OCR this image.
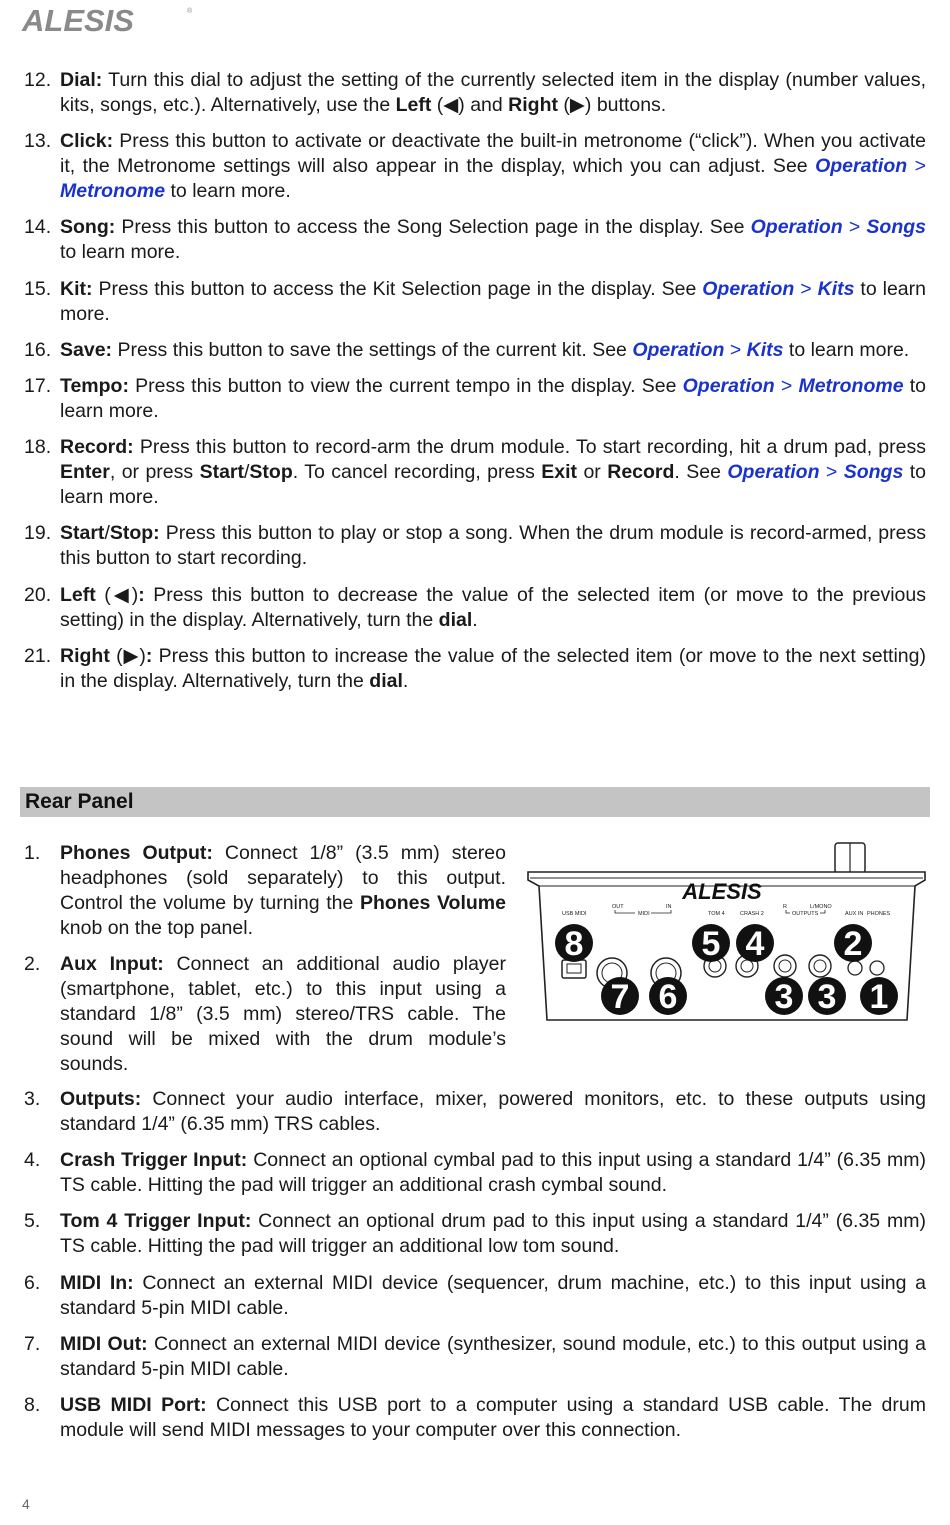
ALESIS	®
12. Dial: Turn this dial to adjust the setting of the currently selected item in the display (number values, kits, songs, etc.). Alternatively, use the Left (◀) and Right (▶) buttons.
13. Click: Press this button to activate or deactivate the built-in metronome (“click”). When you activate it, the Metronome settings will also appear in the display, which you can adjust. See Operation > Metronome to learn more.
14. Song: Press this button to access the Song Selection page in the display. See Operation > Songs to learn more.
15. Kit: Press this button to access the Kit Selection page in the display. See Operation > Kits to learn more.
16. Save: Press this button to save the settings of the current kit. See Operation > Kits to learn more.
17. Tempo: Press this button to view the current tempo in the display. See Operation > Metronome to learn more.
18. Record: Press this button to record-arm the drum module. To start recording, hit a drum pad, press Enter, or press Start/Stop. To cancel recording, press Exit or Record. See Operation > Songs to learn more.
19. Start/Stop: Press this button to play or stop a song. When the drum module is record-armed, press this button to start recording.
20. Left (◀): Press this button to decrease the value of the selected item (or move to the previous setting) in the display. Alternatively, turn the dial.
21. Right (▶): Press this button to increase the value of the selected item (or move to the next setting) in the display. Alternatively, turn the dial.
Rear Panel
1. Phones Output: Connect 1/8” (3.5 mm) stereo headphones (sold separately) to this output. Control the volume by turning the Phones Volume knob on the top panel.
2. Aux Input: Connect an additional audio player (smartphone, tablet, etc.) to this input using a standard 1/8” (3.5 mm) stereo/TRS cable. The sound will be mixed with the drum module’s sounds.
ALESIS
USB MIDI
OUT
MIDI
IN
TOM 4	CRASH 2
R
OUTPUTS
L/MONO
AUX IN PHONES
8
7 6
5 4
3 3
2
1
3. Outputs: Connect your audio interface, mixer, powered monitors, etc. to these outputs using standard 1/4” (6.35 mm) TRS cables.
4. Crash Trigger Input: Connect an optional cymbal pad to this input using a standard 1/4” (6.35 mm) TS cable. Hitting the pad will trigger an additional crash cymbal sound.
5. Tom 4 Trigger Input: Connect an optional drum pad to this input using a standard 1/4” (6.35 mm) TS cable. Hitting the pad will trigger an additional low tom sound.
6. MIDI In: Connect an external MIDI device (sequencer, drum machine, etc.) to this input using a standard 5-pin MIDI cable.
7. MIDI Out: Connect an external MIDI device (synthesizer, sound module, etc.) to this output using a standard 5-pin MIDI cable.
8. USB MIDI Port: Connect this USB port to a computer using a standard USB cable. The drum module will send MIDI messages to your computer over this connection.
4
